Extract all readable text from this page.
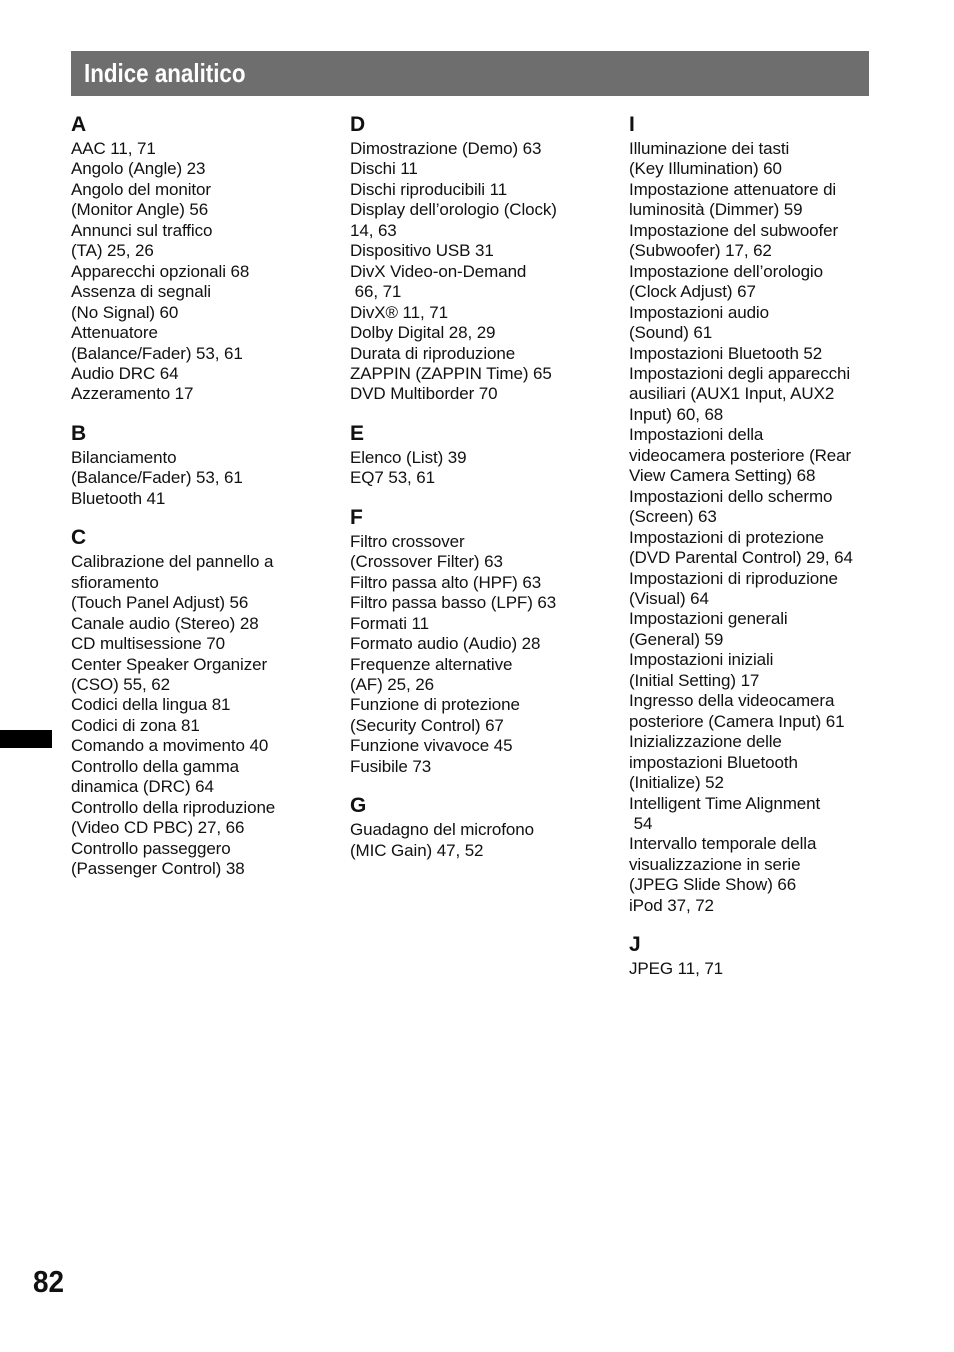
Indice analitico
A
AAC 11, 71
Angolo (Angle) 23
Angolo del monitor
(Monitor Angle) 56
Annunci sul traffico
(TA) 25, 26
Apparecchi opzionali 68
Assenza di segnali
(No Signal) 60
Attenuatore
(Balance/Fader) 53, 61
Audio DRC 64
Azzeramento 17
B
Bilanciamento
(Balance/Fader) 53, 61
Bluetooth 41
C
Calibrazione del pannello a
sfioramento
(Touch Panel Adjust) 56
Canale audio (Stereo) 28
CD multisessione 70
Center Speaker Organizer
(CSO) 55, 62
Codici della lingua 81
Codici di zona 81
Comando a movimento 40
Controllo della gamma
dinamica (DRC) 64
Controllo della riproduzione
(Video CD PBC) 27, 66
Controllo passeggero
(Passenger Control) 38
D
Dimostrazione (Demo) 63
Dischi 11
Dischi riproducibili 11
Display dell’orologio (Clock)
14, 63
Dispositivo USB 31
DivX Video-on-Demand
66, 71
DivX® 11, 71
Dolby Digital 28, 29
Durata di riproduzione
ZAPPIN (ZAPPIN Time) 65
DVD Multiborder 70
E
Elenco (List) 39
EQ7 53, 61
F
Filtro crossover
(Crossover Filter) 63
Filtro passa alto (HPF) 63
Filtro passa basso (LPF) 63
Formati 11
Formato audio (Audio) 28
Frequenze alternative
(AF) 25, 26
Funzione di protezione
(Security Control) 67
Funzione vivavoce 45
Fusibile 73
G
Guadagno del microfono
(MIC Gain) 47, 52
I
Illuminazione dei tasti
(Key Illumination) 60
Impostazione attenuatore di
luminosità (Dimmer) 59
Impostazione del subwoofer
(Subwoofer) 17, 62
Impostazione dell’orologio
(Clock Adjust) 67
Impostazioni audio
(Sound) 61
Impostazioni Bluetooth 52
Impostazioni degli apparecchi
ausiliari (AUX1 Input, AUX2
Input) 60, 68
Impostazioni della
videocamera posteriore (Rear
View Camera Setting) 68
Impostazioni dello schermo
(Screen) 63
Impostazioni di protezione
(DVD Parental Control) 29, 64
Impostazioni di riproduzione
(Visual) 64
Impostazioni generali
(General) 59
Impostazioni iniziali
(Initial Setting) 17
Ingresso della videocamera
posteriore (Camera Input) 61
Inizializzazione delle
impostazioni Bluetooth
(Initialize) 52
Intelligent Time Alignment
54
Intervallo temporale della
visualizzazione in serie
(JPEG Slide Show) 66
iPod 37, 72
J
JPEG 11, 71
82
